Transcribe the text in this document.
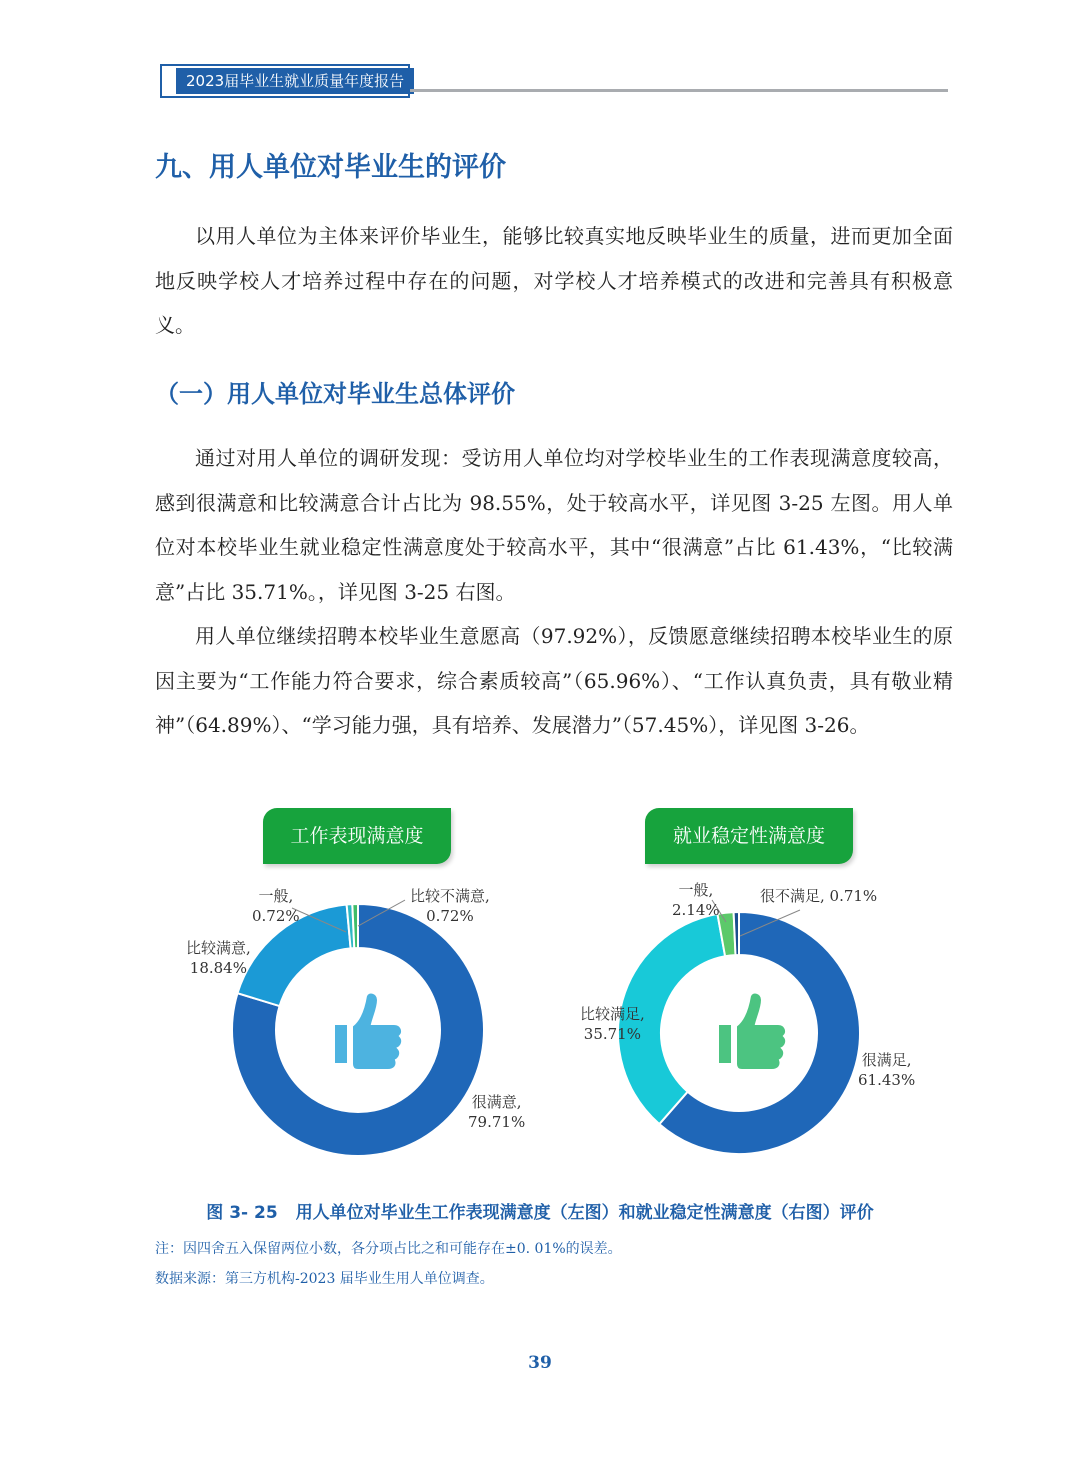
2023届毕业生就业质量年度报告
九、用人单位对毕业生的评价

以用人单位为主体来评价毕业生，能够比较真实地反映毕业生的质量，进而更加全面地反映学校人才培养过程中存在的问题，对学校人才培养模式的改进和完善具有积极意义。

（一）用人单位对毕业生总体评价

通过对用人单位的调研发现：受访用人单位均对学校毕业生的工作表现满意度较高，感到很满意和比较满意合计占比为 98.55%，处于较高水平，详见图 3-25 左图。用人单位对本校毕业生就业稳定性满意度处于较高水平，其中“很满意”占比 61.43%，“比较满意”占比 35.71%。，详见图 3-25 右图。

用人单位继续招聘本校毕业生意愿高（97.92%），反馈愿意继续招聘本校毕业生的原因主要为“工作能力符合要求，综合素质较高”（65.96%）、“工作认真负责，具有敬业精神”（64.89%）、“学习能力强，具有培养、发展潜力”（57.45%），详见图 3-26。

工作表现满意度	就业稳定性满意度
一般,
0.72%
比较不满意,
0.72%
比较满意,
18.84%
很满意,
79.71%
一般,
2.14%
很不满足, 0.71%
比较满足,
35.71%
很满足,
61.43%
图 3- 25 用人单位对毕业生工作表现满意度（左图）和就业稳定性满意度（右图）评价
注：因四舍五入保留两位小数，各分项占比之和可能存在±0. 01%的误差。
数据来源：第三方机构-2023 届毕业生用人单位调查。
39
